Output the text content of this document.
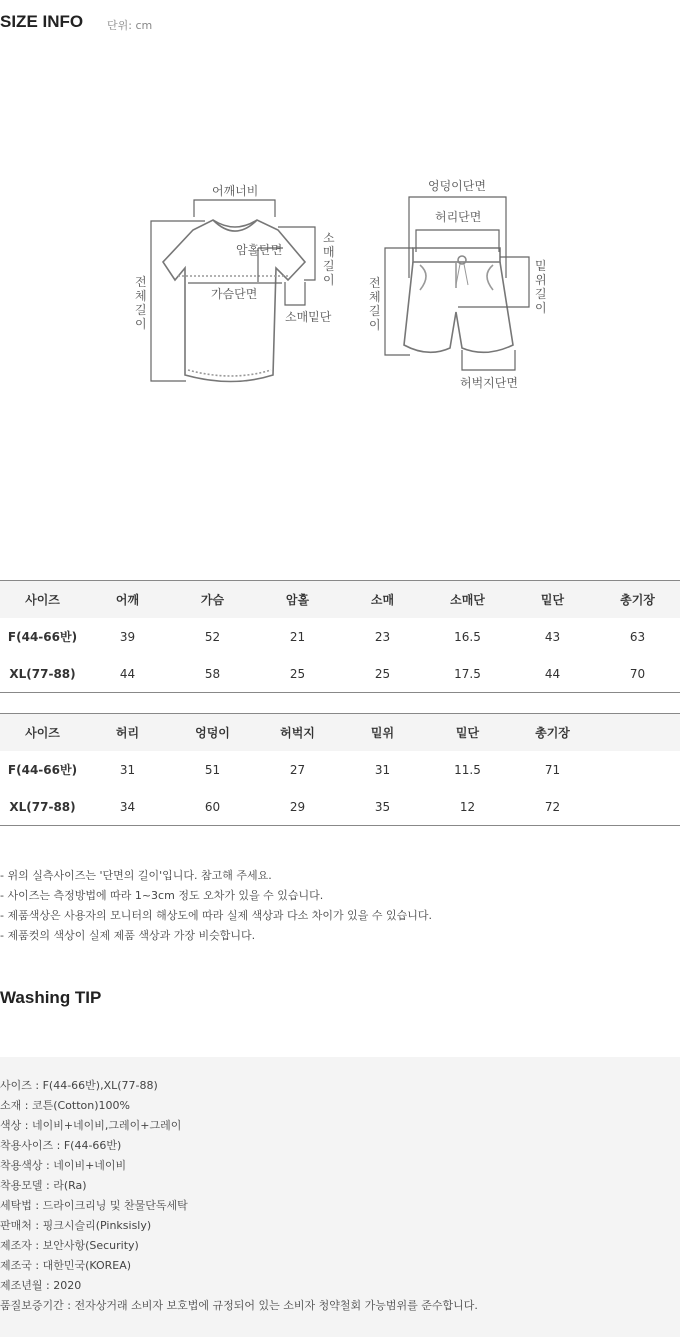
SIZE INFO 단위: cm
어깨너비
암홀단면
가슴단면
소매밑단
소
매
길
이
전
체
길
이
엉덩이단면
허리단면
허벅지단면
밑
위
길
이
전
체
길
이
사이즈	어깨	가슴	암홀	소매	소매단	밑단	총기장
F(44-66반)	39	52	21	23	16.5	43	63
XL(77-88)	44	58	25	25	17.5	44	70
사이즈	허리	엉덩이	허벅지	밑위	밑단	총기장	
F(44-66반)	31	51	27	31	11.5	71	
XL(77-88)	34	60	29	35	12	72	
- 위의 실측사이즈는 '단면의 길이'입니다. 참고해 주세요.
- 사이즈는 측정방법에 따라 1~3cm 정도 오차가 있을 수 있습니다.
- 제품색상은 사용자의 모니터의 해상도에 따라 실제 색상과 다소 차이가 있을 수 있습니다.
- 제품컷의 색상이 실제 제품 색상과 가장 비슷합니다.
Washing TIP
사이즈 : F(44-66반),XL(77-88)
소재 : 코튼(Cotton)100%
색상 : 네이비+네이비,그레이+그레이
착용사이즈 : F(44-66반)
착용색상 : 네이비+네이비
착용모델 : 라(Ra)
세탁법 : 드라이크리닝 및 찬물단독세탁
판매처 : 핑크시슬리(Pinksisly)
제조자 : 보안사항(Security)
제조국 : 대한민국(KOREA)
제조년월 : 2020
품질보증기간 : 전자상거래 소비자 보호법에 규정되어 있는 소비자 청약철회 가능범위를 준수합니다.
